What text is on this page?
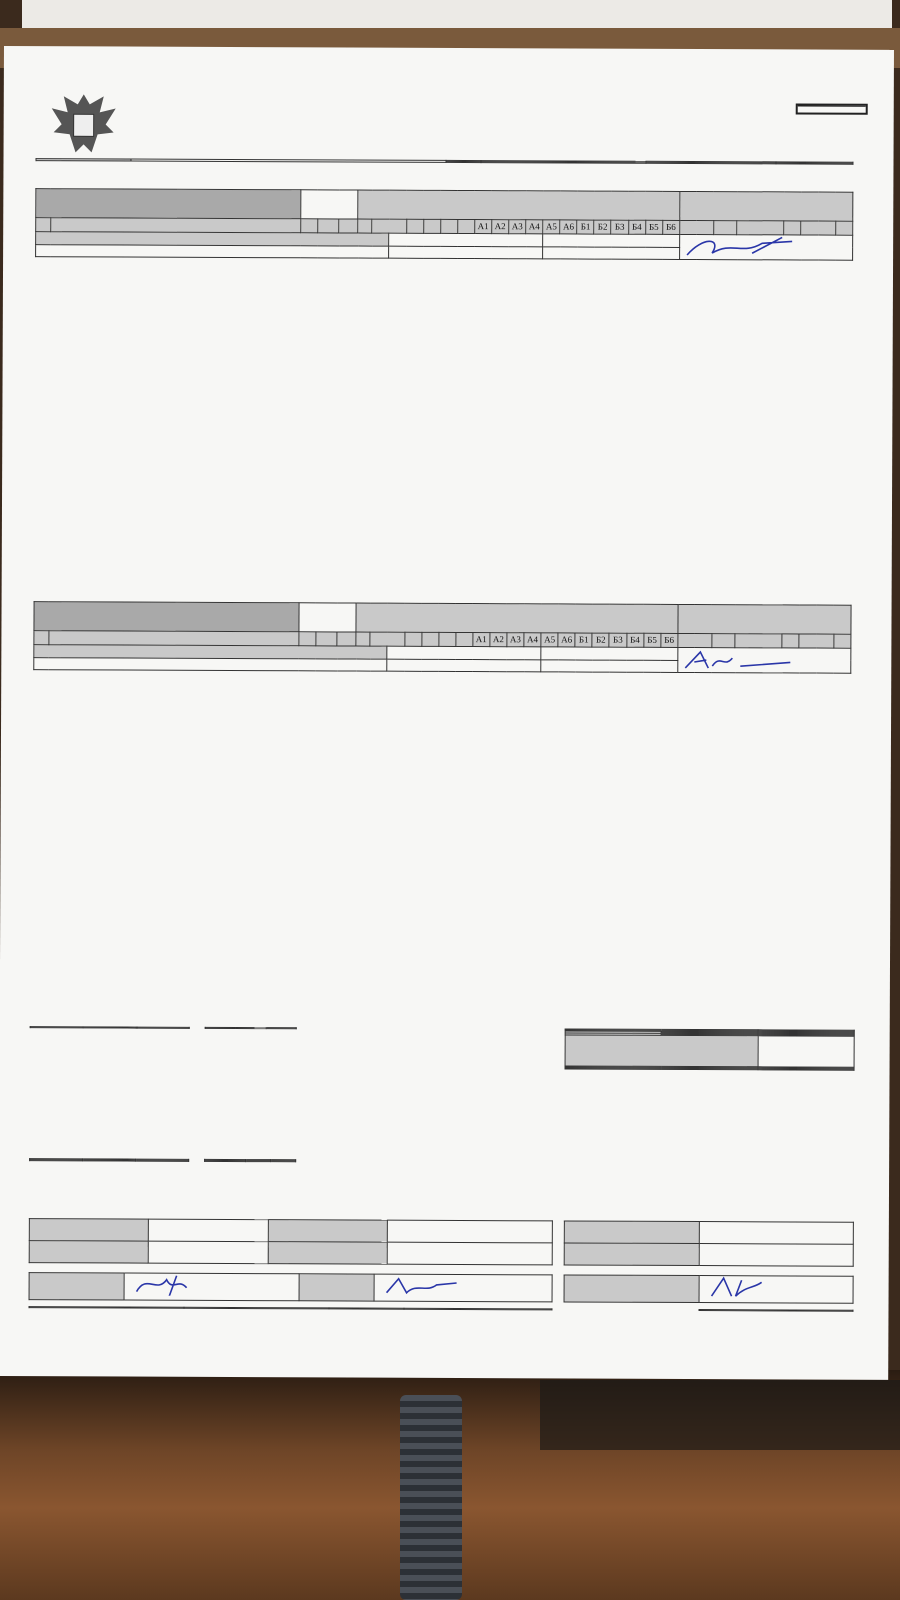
												А1	А2	А3	А4	А5	А6	Б1	Б2	Б3	Б4	Б5	Б6						

												А1	А2	А3	А4	А5	А6	Б1	Б2	Б3	Б4	Б5	Б6						
